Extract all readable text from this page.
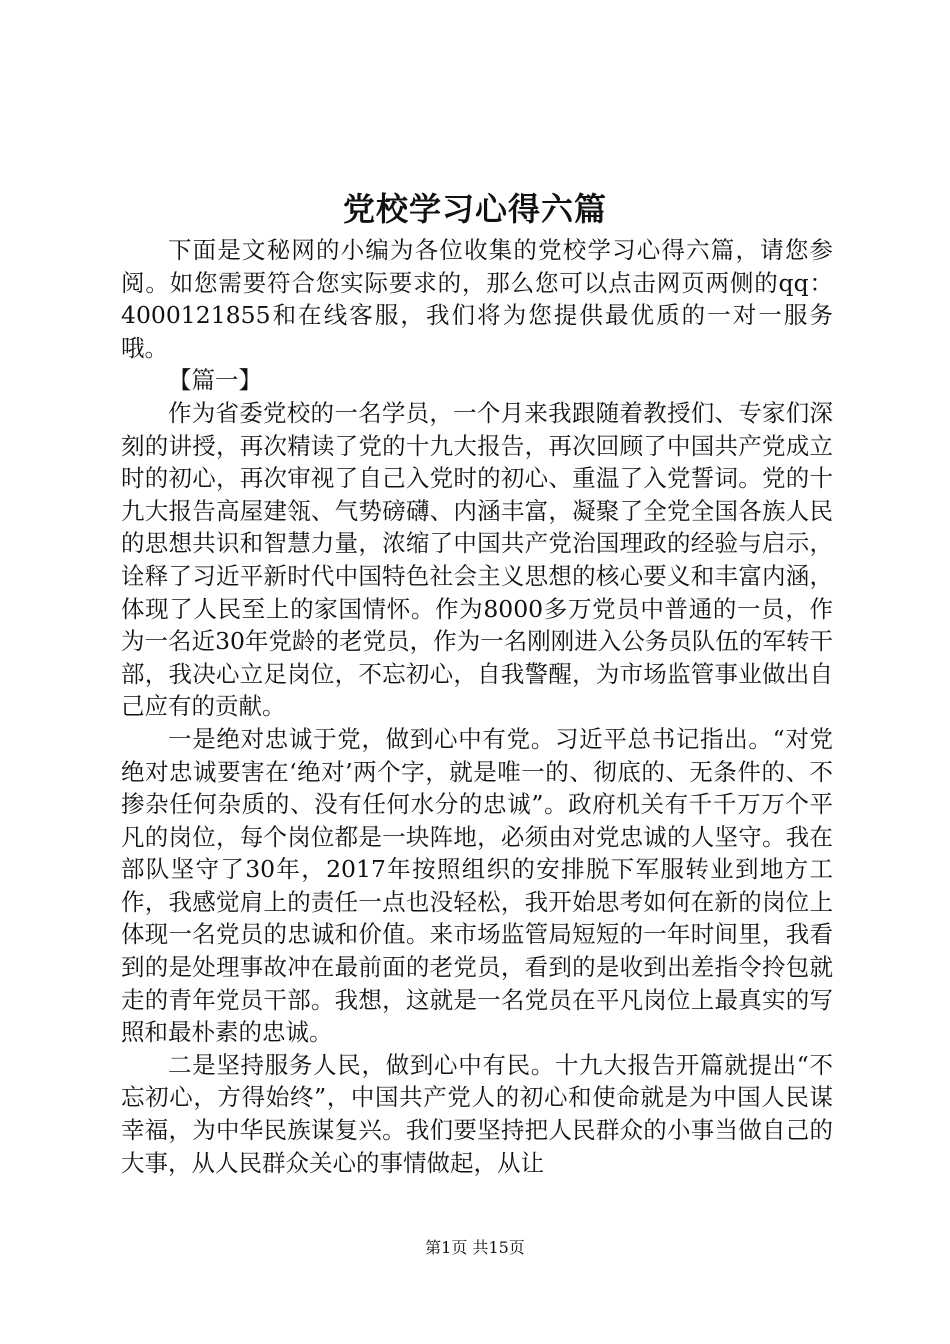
党校学习心得六篇

下面是文秘网的小编为各位收集的党校学习心得六篇，请您参阅。如您需要符合您实际要求的，那么您可以点击网页两侧的qq：4000121855和在线客服，我们将为您提供最优质的一对一服务哦。

【篇一】

作为省委党校的一名学员，一个月来我跟随着教授们、专家们深刻的讲授，再次精读了党的十九大报告，再次回顾了中国共产党成立时的初心，再次审视了自己入党时的初心、重温了入党誓词。党的十九大报告高屋建瓴、气势磅礴、内涵丰富，凝聚了全党全国各族人民的思想共识和智慧力量，浓缩了中国共产党治国理政的经验与启示，诠释了习近平新时代中国特色社会主义思想的核心要义和丰富内涵，体现了人民至上的家国情怀。作为8000多万党员中普通的一员，作为一名近30年党龄的老党员，作为一名刚刚进入公务员队伍的军转干部，我决心立足岗位，不忘初心，自我警醒，为市场监管事业做出自己应有的贡献。

一是绝对忠诚于党，做到心中有党。习近平总书记指出。“对党绝对忠诚要害在‘绝对’两个字，就是唯一的、彻底的、无条件的、不掺杂任何杂质的、没有任何水分的忠诚”。政府机关有千千万万个平凡的岗位，每个岗位都是一块阵地，必须由对党忠诚的人坚守。我在部队坚守了30年，2017年按照组织的安排脱下军服转业到地方工作，我感觉肩上的责任一点也没轻松，我开始思考如何在新的岗位上体现一名党员的忠诚和价值。来市场监管局短短的一年时间里，我看到的是处理事故冲在最前面的老党员，看到的是收到出差指令拎包就走的青年党员干部。我想，这就是一名党员在平凡岗位上最真实的写照和最朴素的忠诚。

二是坚持服务人民，做到心中有民。十九大报告开篇就提出“不忘初心，方得始终”，中国共产党人的初心和使命就是为中国人民谋幸福，为中华民族谋复兴。我们要坚持把人民群众的小事当做自己的大事，从人民群众关心的事情做起，从让

第1页 共15页
